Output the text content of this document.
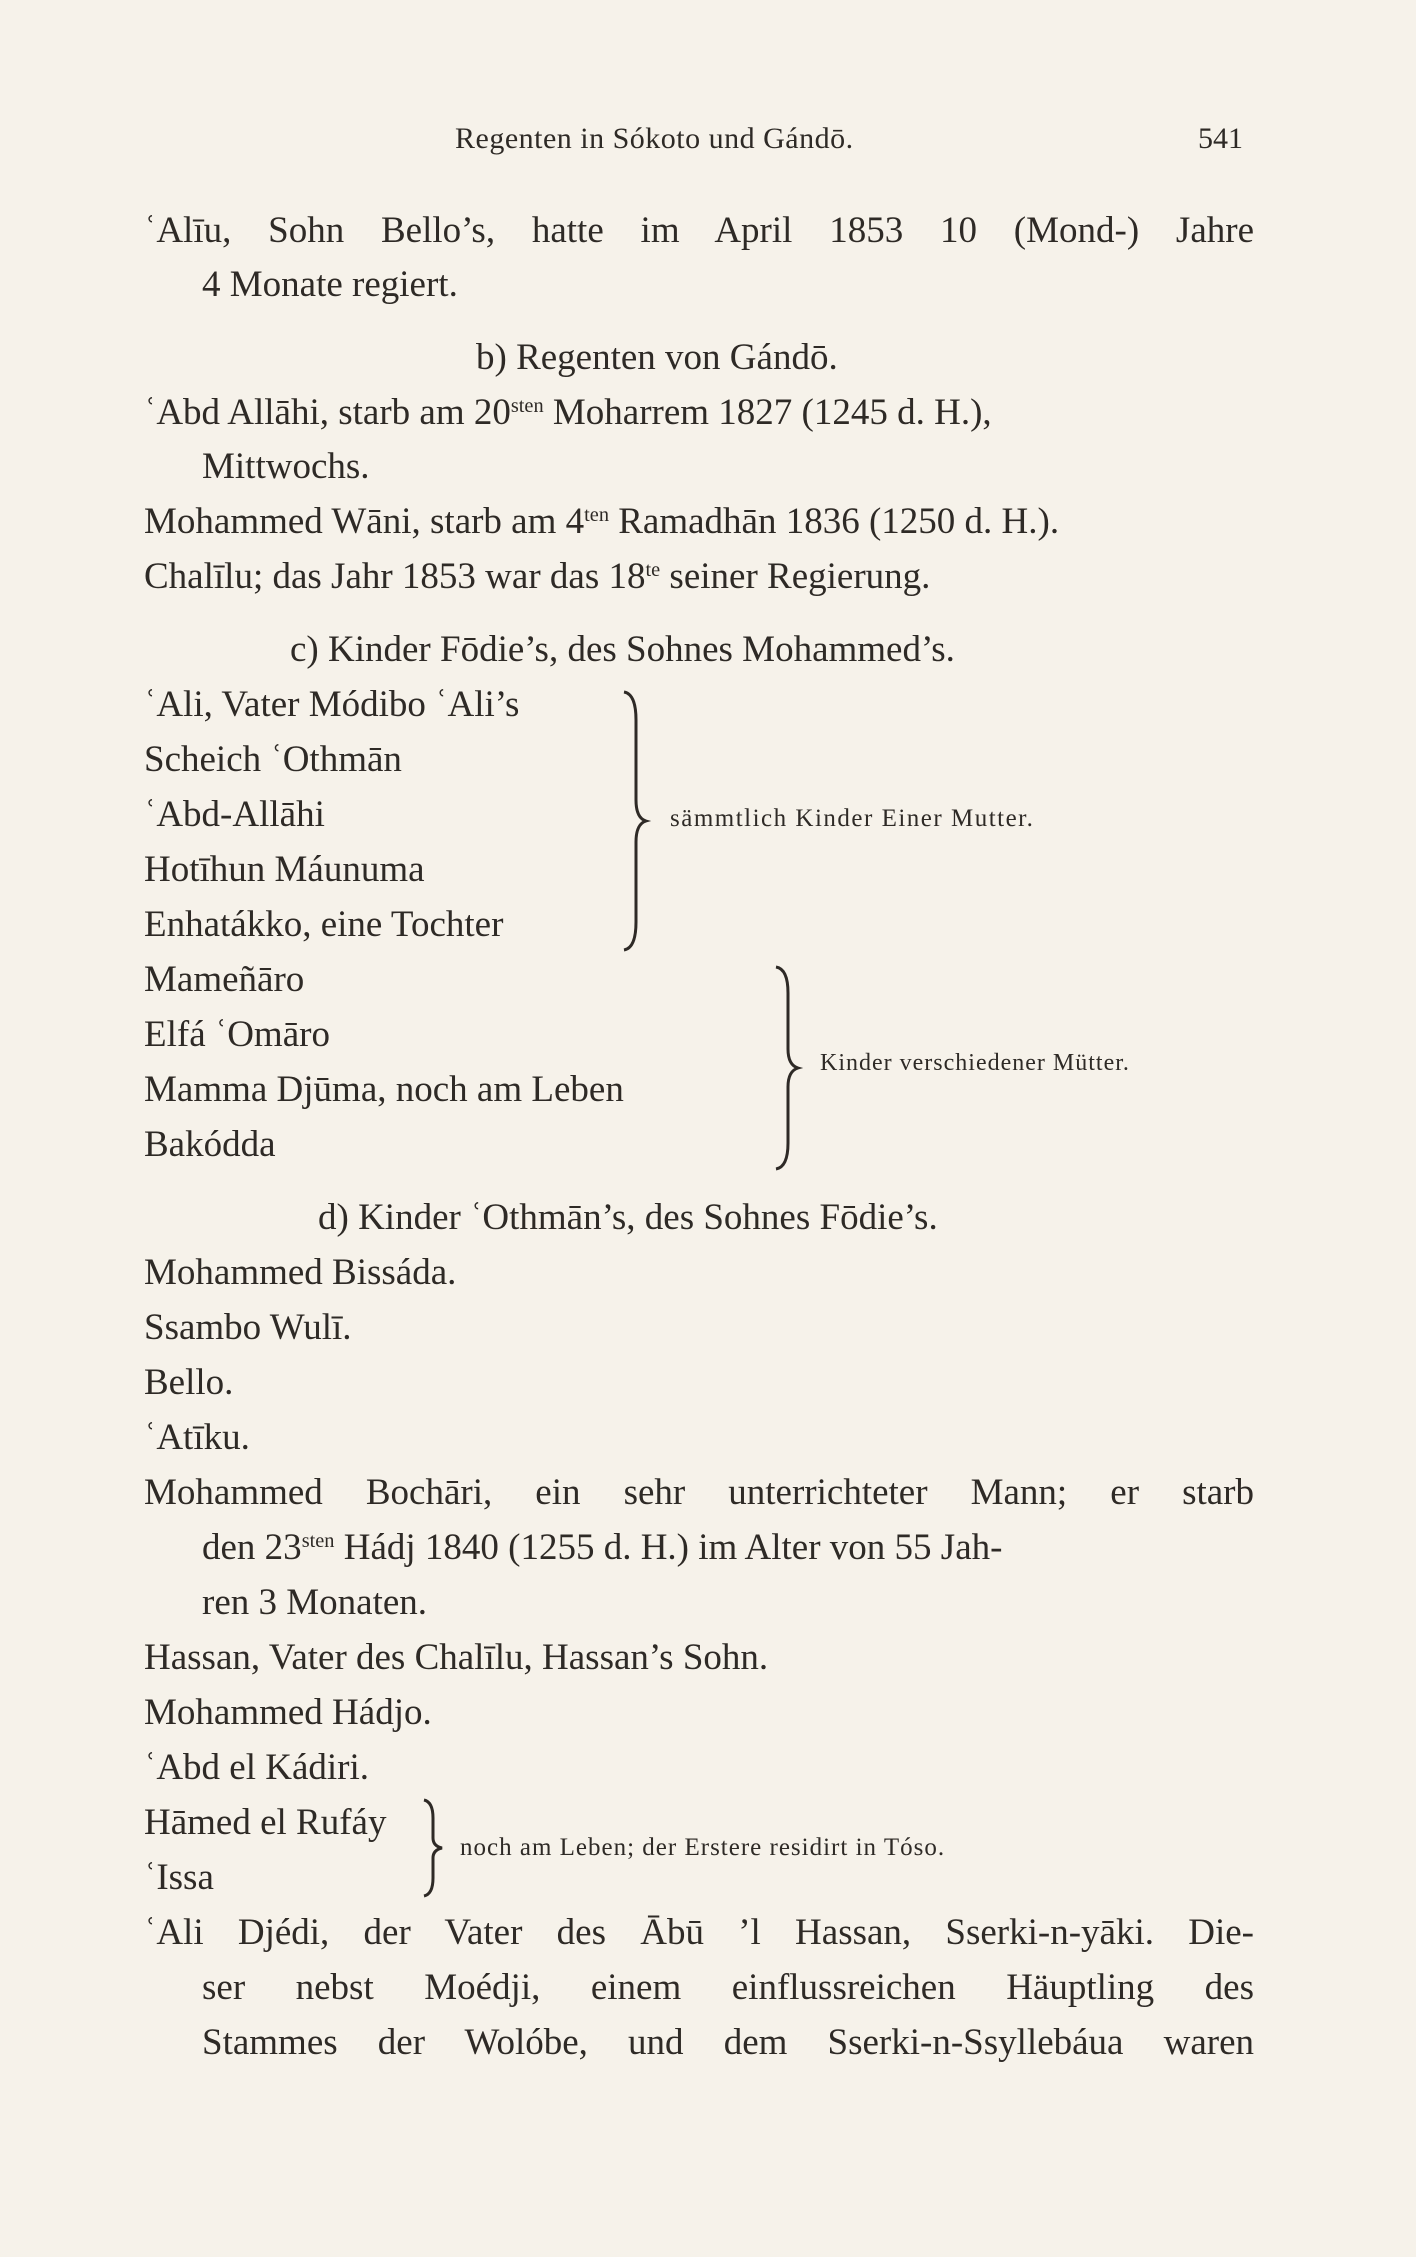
Regenten in Sókoto und Gándō.	541
ʿAlīu, Sohn Bello’s, hatte im April 1853 10 (Mond-) Jahre
4 Monate regiert.
b) Regenten von Gándō.
ʿAbd Allāhi, starb am $20^{sten}$ Moharrem 1827 (1245 d. H.),
Mittwochs.
Mohammed Wāni, starb am $4^{ten}$ Ramadhān 1836 (1250 d. H.).
Chalīlu; das Jahr 1853 war das $18^{te}$ seiner Regierung.
c) Kinder Fōdie’s, des Sohnes Mohammed’s.
ʿAli, Vater Módibo ʿAli’s
Scheich ʿOthmān
ʿAbd-Allāhi
Hotīhun Máunuma
Enhatákko, eine Tochter
sämmtlich Kinder Einer Mutter.
Mameñāro
Elfá ʿOmāro
Mamma Djūma, noch am Leben
Bakódda
Kinder verschiedener Mütter.
d) Kinder ʿOthmān’s, des Sohnes Fōdie’s.
Mohammed Bissáda.
Ssambo Wulī.
Bello.
ʿAtīku.
Mohammed Bochāri, ein sehr unterrichteter Mann; er starb
den $23^{sten}$ Hádj 1840 (1255 d. H.) im Alter von 55 Jah-
ren 3 Monaten.
Hassan, Vater des Chalīlu, Hassan’s Sohn.
Mohammed Hádjo.
ʿAbd el Kádiri.
Hāmed el Rufáy
ʿIssa
noch am Leben; der Erstere residirt in Tóso.
ʿAli Djédi, der Vater des Ābū ’l Hassan, Sserki-n-yāki. Die-
ser nebst Moédji, einem einflussreichen Häuptling des
Stammes der Wolóbe, und dem Sserki-n-Ssyllebáua waren
